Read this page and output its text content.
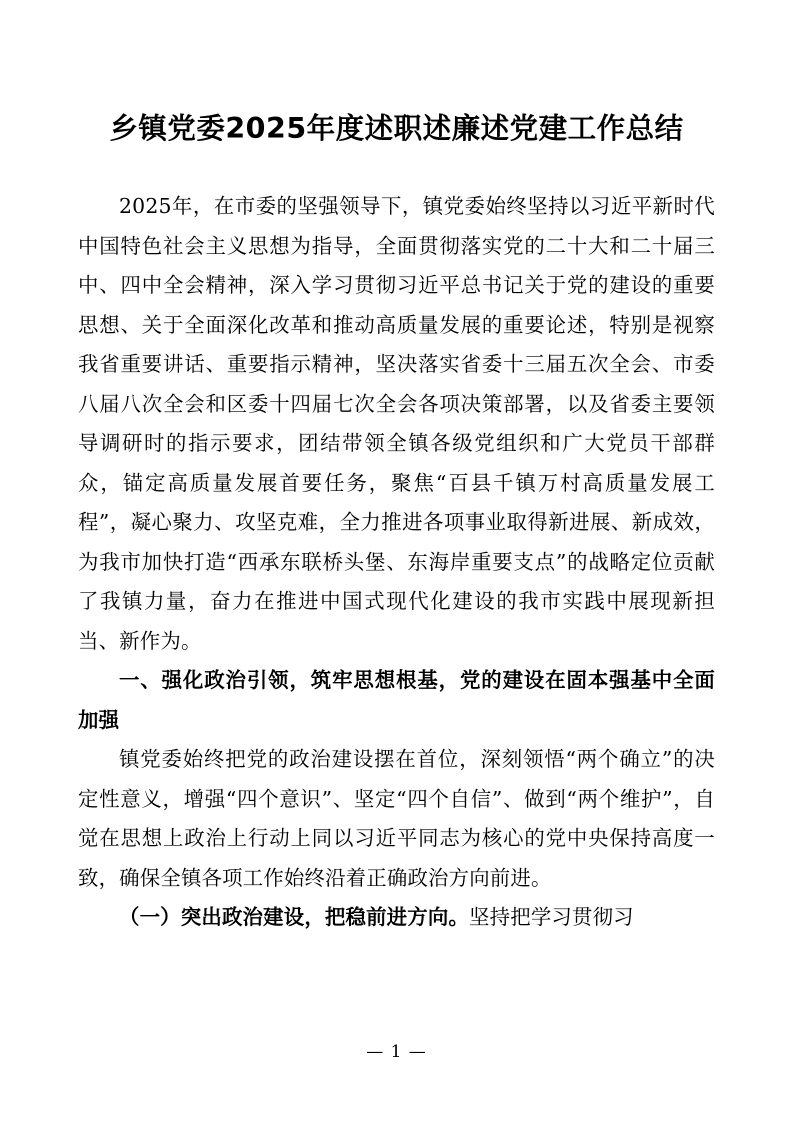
乡镇党委2025年度述职述廉述党建工作总结

2025年，在市委的坚强领导下，镇党委始终坚持以习近平新时代中国特色社会主义思想为指导，全面贯彻落实党的二十大和二十届三中、四中全会精神，深入学习贯彻习近平总书记关于党的建设的重要思想、关于全面深化改革和推动高质量发展的重要论述，特别是视察我省重要讲话、重要指示精神，坚决落实省委十三届五次全会、市委八届八次全会和区委十四届七次全会各项决策部署，以及省委主要领导调研时的指示要求，团结带领全镇各级党组织和广大党员干部群众，锚定高质量发展首要任务，聚焦“百县千镇万村高质量发展工程”，凝心聚力、攻坚克难，全力推进各项事业取得新进展、新成效，为我市加快打造“西承东联桥头堡、东海岸重要支点”的战略定位贡献了我镇力量，奋力在推进中国式现代化建设的我市实践中展现新担当、新作为。

一、强化政治引领，筑牢思想根基，党的建设在固本强基中全面加强

镇党委始终把党的政治建设摆在首位，深刻领悟“两个确立”的决定性意义，增强“四个意识”、坚定“四个自信”、做到“两个维护”，自觉在思想上政治上行动上同以习近平同志为核心的党中央保持高度一致，确保全镇各项工作始终沿着正确政治方向前进。

（一）突出政治建设，把稳前进方向。坚持把学习贯彻习

— 1 —
